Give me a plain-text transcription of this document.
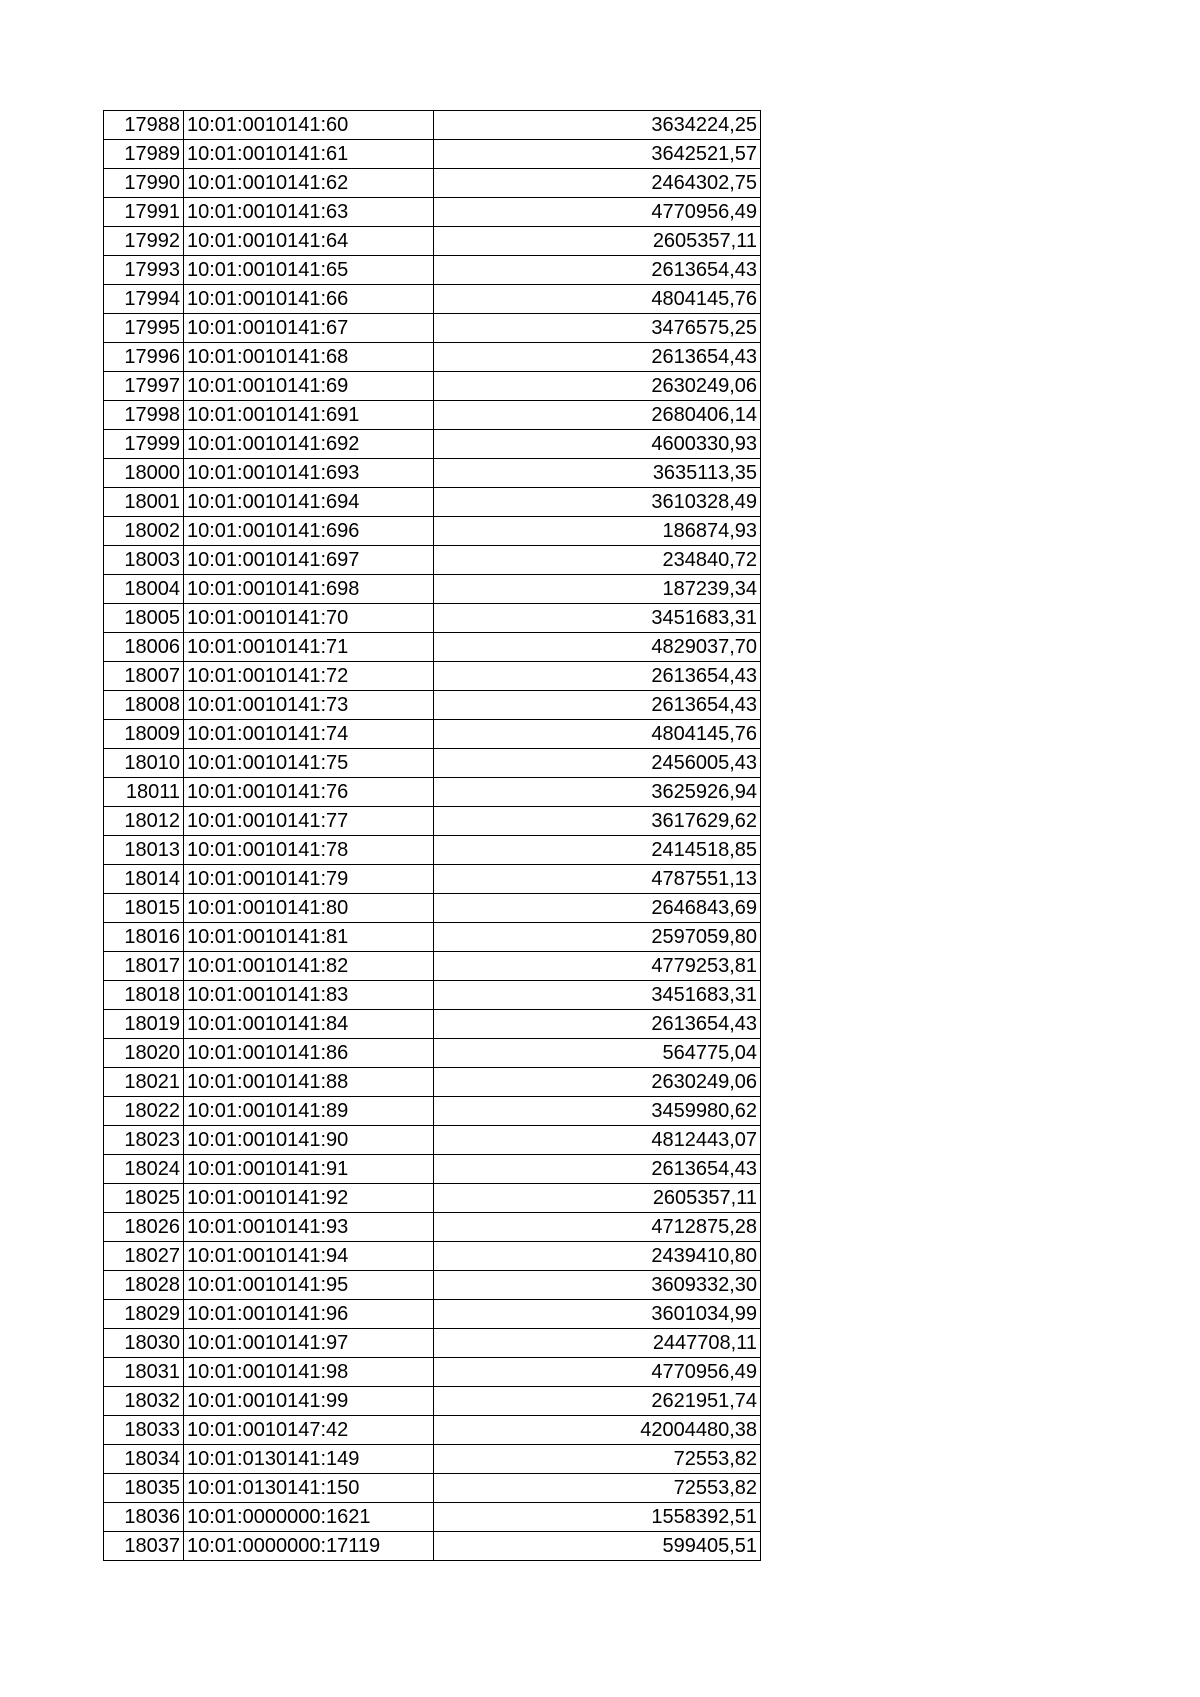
17988	10:01:0010141:60	3634224,25
17989	10:01:0010141:61	3642521,57
17990	10:01:0010141:62	2464302,75
17991	10:01:0010141:63	4770956,49
17992	10:01:0010141:64	2605357,11
17993	10:01:0010141:65	2613654,43
17994	10:01:0010141:66	4804145,76
17995	10:01:0010141:67	3476575,25
17996	10:01:0010141:68	2613654,43
17997	10:01:0010141:69	2630249,06
17998	10:01:0010141:691	2680406,14
17999	10:01:0010141:692	4600330,93
18000	10:01:0010141:693	3635113,35
18001	10:01:0010141:694	3610328,49
18002	10:01:0010141:696	186874,93
18003	10:01:0010141:697	234840,72
18004	10:01:0010141:698	187239,34
18005	10:01:0010141:70	3451683,31
18006	10:01:0010141:71	4829037,70
18007	10:01:0010141:72	2613654,43
18008	10:01:0010141:73	2613654,43
18009	10:01:0010141:74	4804145,76
18010	10:01:0010141:75	2456005,43
18011	10:01:0010141:76	3625926,94
18012	10:01:0010141:77	3617629,62
18013	10:01:0010141:78	2414518,85
18014	10:01:0010141:79	4787551,13
18015	10:01:0010141:80	2646843,69
18016	10:01:0010141:81	2597059,80
18017	10:01:0010141:82	4779253,81
18018	10:01:0010141:83	3451683,31
18019	10:01:0010141:84	2613654,43
18020	10:01:0010141:86	564775,04
18021	10:01:0010141:88	2630249,06
18022	10:01:0010141:89	3459980,62
18023	10:01:0010141:90	4812443,07
18024	10:01:0010141:91	2613654,43
18025	10:01:0010141:92	2605357,11
18026	10:01:0010141:93	4712875,28
18027	10:01:0010141:94	2439410,80
18028	10:01:0010141:95	3609332,30
18029	10:01:0010141:96	3601034,99
18030	10:01:0010141:97	2447708,11
18031	10:01:0010141:98	4770956,49
18032	10:01:0010141:99	2621951,74
18033	10:01:0010147:42	42004480,38
18034	10:01:0130141:149	72553,82
18035	10:01:0130141:150	72553,82
18036	10:01:0000000:1621	1558392,51
18037	10:01:0000000:17119	599405,51
